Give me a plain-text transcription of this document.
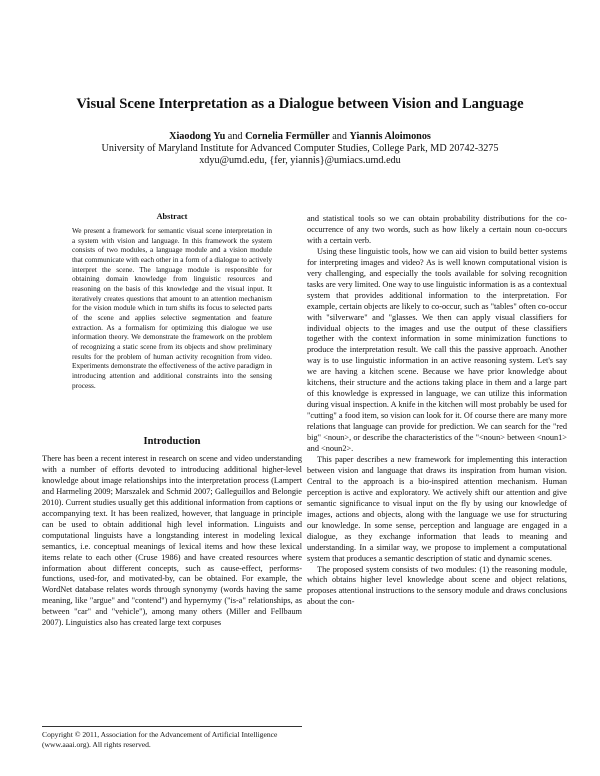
Visual Scene Interpretation as a Dialogue between Vision and Language
Xiaodong Yu and Cornelia Fermüller and Yiannis Aloimonos
University of Maryland Institute for Advanced Computer Studies, College Park, MD 20742-3275
xdyu@umd.edu, {fer, yiannis}@umiacs.umd.edu
Abstract

We present a framework for semantic visual scene interpretation in a system with vision and language. In this framework the system consists of two modules, a language module and a vision module that communicate with each other in a form of a dialogue to actively interpret the scene. The language module is responsible for obtaining domain knowledge from linguistic resources and reasoning on the basis of this knowledge and the visual input. It iteratively creates questions that amount to an attention mechanism for the vision module which in turn shifts its focus to selected parts of the scene and applies selective segmentation and feature extraction. As a formalism for optimizing this dialogue we use information theory. We demonstrate the framework on the problem of recognizing a static scene from its objects and show preliminary results for the problem of human activity recognition from video. Experiments demonstrate the effectiveness of the active paradigm in introducing attention and additional constraints into the sensing process.

Introduction

There has been a recent interest in research on scene and video understanding with a number of efforts devoted to introducing additional higher-level knowledge about image relationships into the interpretation process (Lampert and Harmeling 2009; Marszalek and Schmid 2007; Galleguillos and Belongie 2010). Current studies usually get this additional information from captions or accompanying text. It has been realized, however, that language in principle can be used to obtain additional high level information. Linguists and computational linguists have a longstanding interest in modeling lexical semantics, i.e. conceptual meanings of lexical items and how these lexical items relate to each other (Cruse 1986) and have created resources where information about different concepts, such as cause-effect, performs-functions, used-for, and motivated-by, can be obtained. For example, the WordNet database relates words through synonymy (words having the same meaning, like "argue" and "contend") and hypernymy ("is-a" relationships, as between "car" and "vehicle"), among many others (Miller and Fellbaum 2007). Linguistics also has created large text corpuses

Copyright © 2011, Association for the Advancement of Artificial Intelligence (www.aaai.org). All rights reserved.

and statistical tools so we can obtain probability distributions for the co-occurrence of any two words, such as how likely a certain noun co-occurs with a certain verb.

Using these linguistic tools, how we can aid vision to build better systems for interpreting images and video? As is well known computational vision is very challenging, and especially the tools available for solving recognition tasks are very limited. One way to use linguistic information is as a contextual system that provides additional information to the interpretation. For example, certain objects are likely to co-occur, such as "tables" often co-occur with "silverware" and "glasses. We then can apply visual classifiers for individual objects to the images and use the output of these classifiers together with the context information in some minimization functions to produce the interpretation result. We call this the passive approach. Another way is to use linguistic information in an active reasoning system. Let's say we are having a kitchen scene. Because we have prior knowledge about kitchens, their structure and the actions taking place in them and a large part of this knowledge is expressed in language, we can utilize this information during visual inspection. A knife in the kitchen will most probably be used for "cutting" a food item, so vision can look for it. Of course there are many more relations that language can provide for prediction. We can search for the "red big" <noun>, or describe the characteristics of the "<noun> between <noun1> and <noun2>.

This paper describes a new framework for implementing this interaction between vision and language that draws its inspiration from human vision. Central to the approach is a bio-inspired attention mechanism. Human perception is active and exploratory. We actively shift our attention and give semantic significance to visual input on the fly by using our knowledge of images, actions and objects, along with the language we use for structuring our knowledge. In some sense, perception and language are engaged in a dialogue, as they exchange information that leads to meaning and understanding. In a similar way, we propose to implement a computational system that produces a semantic description of static and dynamic scenes.

The proposed system consists of two modules: (1) the reasoning module, which obtains higher level knowledge about scene and object relations, proposes attentional instructions to the sensory module and draws conclusions about the con-
